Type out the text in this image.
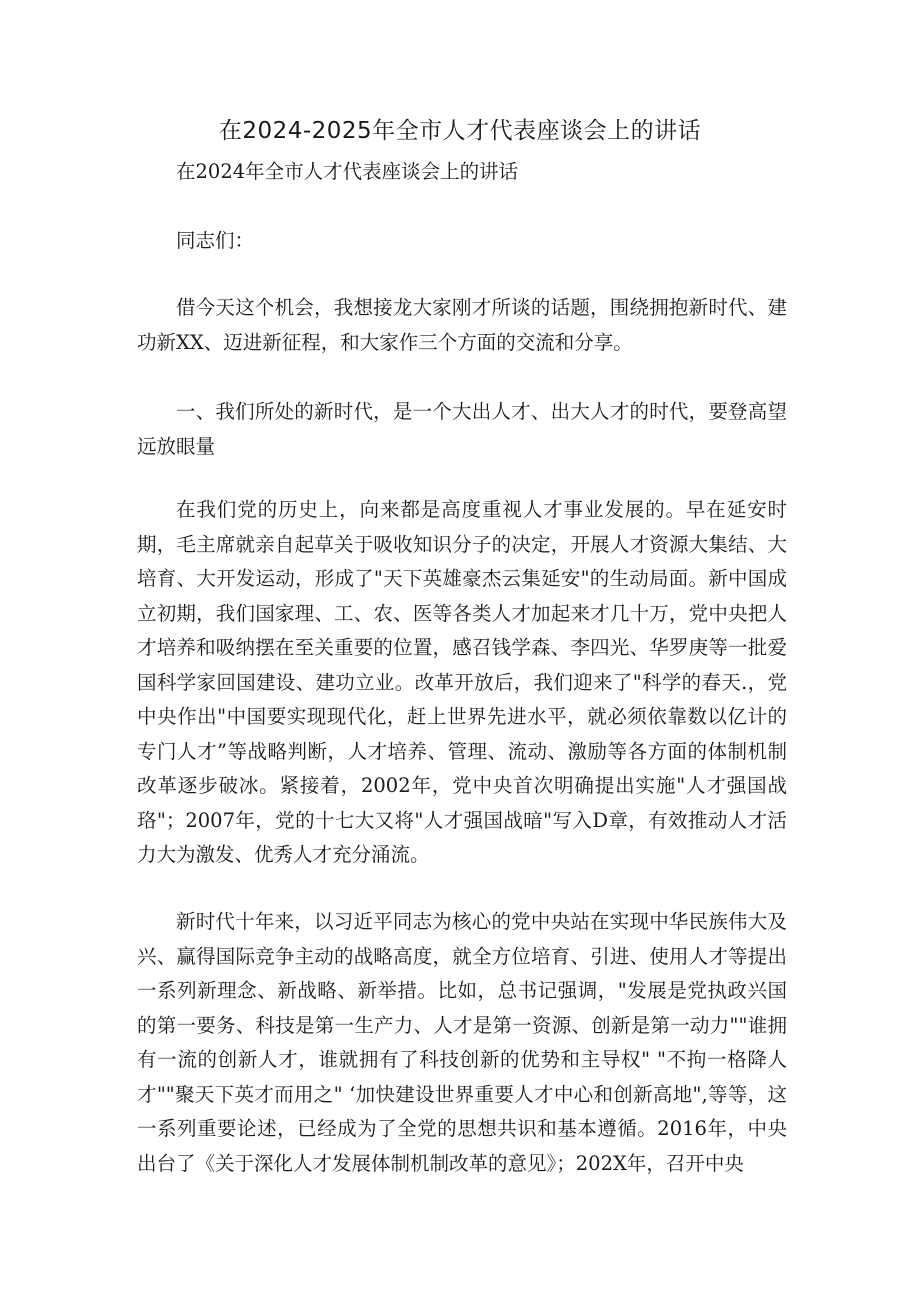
在2024-2025年全市人才代表座谈会上的讲话

在2024年全市人才代表座谈会上的讲话

同志们：

借今天这个机会，我想接龙大家刚才所谈的话题，围绕拥抱新时代、建功新XX、迈进新征程，和大家作三个方面的交流和分享。

一、我们所处的新时代，是一个大出人才、出大人才的时代，要登高望远放眼量

在我们党的历史上，向来都是高度重视人才事业发展的。早在延安时期，毛主席就亲自起草关于吸收知识分子的决定，开展人才资源大集结、大培育、大开发运动，形成了"天下英雄豪杰云集延安"的生动局面。新中国成立初期，我们国家理、工、农、医等各类人才加起来才几十万，党中央把人才培养和吸纳摆在至关重要的位置，感召钱学森、李四光、华罗庚等一批爱国科学家回国建设、建功立业。改革开放后，我们迎来了"科学的春天.，党中央作出"中国要实现现代化，赶上世界先进水平，就必须依靠数以亿计的专门人才”等战略判断，人才培养、管理、流动、激励等各方面的体制机制改革逐步破冰。紧接着，2002年，党中央首次明确提出实施"人才强国战珞"；2007年，党的十七大又将"人才强国战暗"写入D章，有效推动人才活力大为激发、优秀人才充分涌流。

新时代十年来，以习近平同志为核心的党中央站在实现中华民族伟大及兴、赢得国际竞争主动的战略高度，就全方位培育、引进、使用人才等提出一系列新理念、新战略、新举措。比如，总书记强调，"发展是党执政兴国的第一要务、科技是第一生产力、人才是第一资源、创新是第一动力""谁拥有一流的创新人才，谁就拥有了科技创新的优势和主导权" "不拘一格降人才""聚天下英才而用之" ‘加快建设世界重要人才中心和创新高地",等等，这一系列重要论述，已经成为了全党的思想共识和基本遵循。2016年，中央出台了《关于深化人才发展体制机制改革的意见》；202X年，召开中央
